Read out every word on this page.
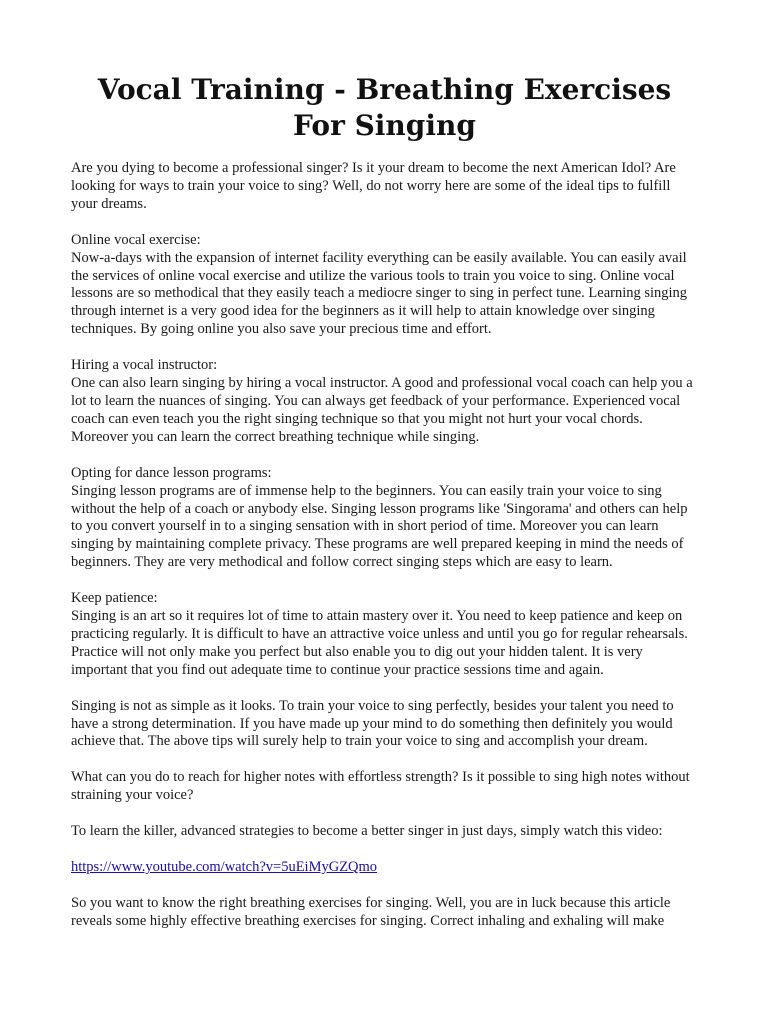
Vocal Training - Breathing Exercises For Singing

Are you dying to become a professional singer? Is it your dream to become the next American Idol? Are looking for ways to train your voice to sing? Well, do not worry here are some of the ideal tips to fulfill your dreams.

Online vocal exercise:
Now-a-days with the expansion of internet facility everything can be easily available. You can easily avail the services of online vocal exercise and utilize the various tools to train you voice to sing. Online vocal lessons are so methodical that they easily teach a mediocre singer to sing in perfect tune. Learning singing through internet is a very good idea for the beginners as it will help to attain knowledge over singing techniques. By going online you also save your precious time and effort.

Hiring a vocal instructor:
One can also learn singing by hiring a vocal instructor. A good and professional vocal coach can help you a lot to learn the nuances of singing. You can always get feedback of your performance. Experienced vocal coach can even teach you the right singing technique so that you might not hurt your vocal chords. Moreover you can learn the correct breathing technique while singing.

Opting for dance lesson programs:
Singing lesson programs are of immense help to the beginners. You can easily train your voice to sing without the help of a coach or anybody else. Singing lesson programs like 'Singorama' and others can help to you convert yourself in to a singing sensation with in short period of time. Moreover you can learn singing by maintaining complete privacy. These programs are well prepared keeping in mind the needs of beginners. They are very methodical and follow correct singing steps which are easy to learn.

Keep patience:
Singing is an art so it requires lot of time to attain mastery over it. You need to keep patience and keep on practicing regularly. It is difficult to have an attractive voice unless and until you go for regular rehearsals. Practice will not only make you perfect but also enable you to dig out your hidden talent. It is very important that you find out adequate time to continue your practice sessions time and again.

Singing is not as simple as it looks. To train your voice to sing perfectly, besides your talent you need to have a strong determination. If you have made up your mind to do something then definitely you would achieve that. The above tips will surely help to train your voice to sing and accomplish your dream.

What can you do to reach for higher notes with effortless strength? Is it possible to sing high notes without straining your voice?

To learn the killer, advanced strategies to become a better singer in just days, simply watch this video:

https://www.youtube.com/watch?v=5uEiMyGZQmo

So you want to know the right breathing exercises for singing. Well, you are in luck because this article reveals some highly effective breathing exercises for singing. Correct inhaling and exhaling will make
